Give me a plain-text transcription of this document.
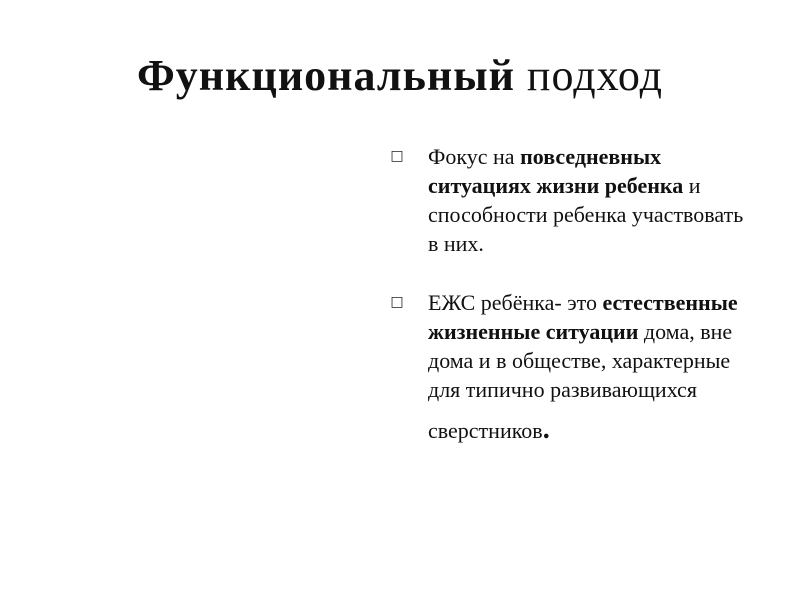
Функциональный подход
□ Фокус на повседневных ситуациях жизни ребенка и способности ребенка участвовать в них.
□ ЕЖС ребёнка- это естественные жизненные ситуации дома, вне дома и в обществе, характерные для типично развивающихся
сверстников.
